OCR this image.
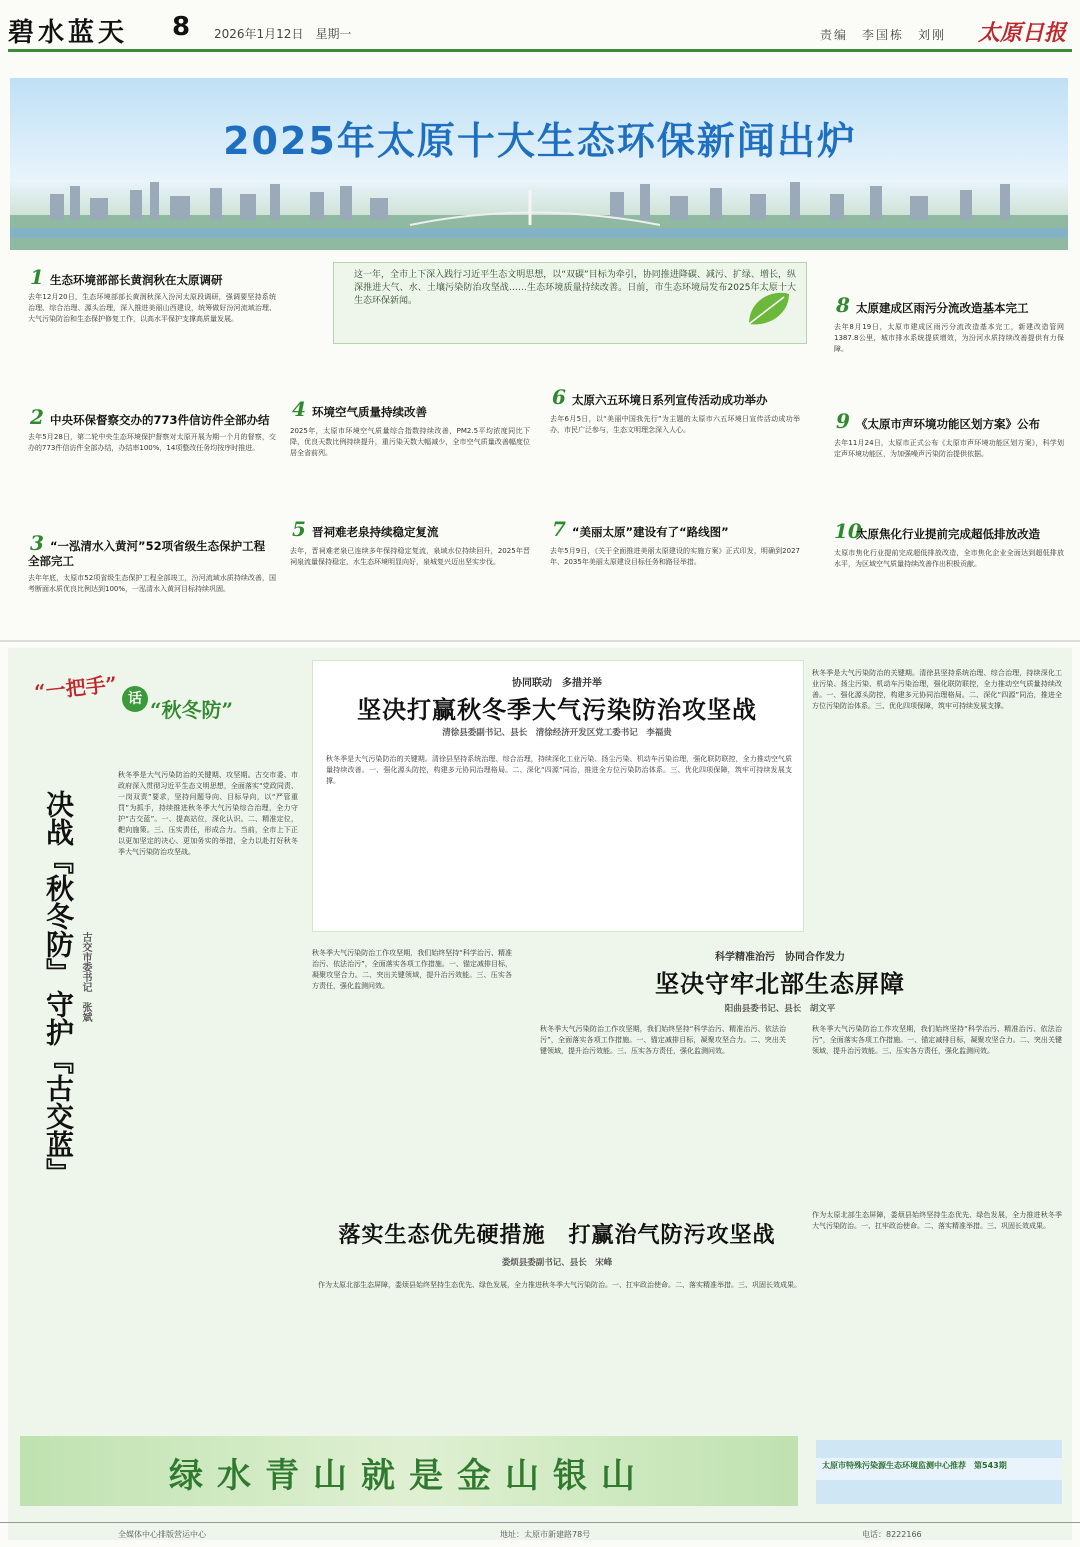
碧水蓝天 8 2026年1月12日　星期一	责编　李国栋　刘刚 太原日报
2025年太原十大生态环保新闻出炉
这一年，全市上下深入践行习近平生态文明思想，以“双碳”目标为牵引，协同推进降碳、减污、扩绿、增长，纵深推进大气、水、土壤污染防治攻坚战……生态环境质量持续改善。日前，市生态环境局发布2025年太原十大生态环保新闻。
1 生态环境部部长黄润秋在太原调研
去年12月20日，生态环境部部长黄润秋深入汾河太原段调研，强调要坚持系统治理、综合治理、源头治理，深入推进美丽山西建设，统筹做好汾河流域治理、大气污染防治和生态保护修复工作，以高水平保护支撑高质量发展。
2 中央环保督察交办的773件信访件全部办结
去年5月28日，第二轮中央生态环境保护督察对太原开展为期一个月的督察，交办的773件信访件全部办结，办结率100%，14项整改任务均按序时推进。
3 “一泓清水入黄河”52项省级生态保护工程全部完工
去年年底，太原市52项省级生态保护工程全部竣工，汾河流域水质持续改善，国考断面水质优良比例达到100%，一泓清水入黄河目标持续巩固。
4 环境空气质量持续改善
2025年，太原市环境空气质量综合指数持续改善，PM2.5平均浓度同比下降，优良天数比例持续提升，重污染天数大幅减少，全市空气质量改善幅度位居全省前列。
5 晋祠难老泉持续稳定复流
去年，晋祠难老泉已连续多年保持稳定复流，泉域水位持续回升，2025年晋祠泉流量保持稳定，水生态环境明显向好，泉城复兴迈出坚实步伐。
6 太原六五环境日系列宣传活动成功举办
去年6月5日，以“美丽中国我先行”为主题的太原市六五环境日宣传活动成功举办，市民广泛参与，生态文明理念深入人心。
7 “美丽太原”建设有了“路线图”
去年5月9日，《关于全面推进美丽太原建设的实施方案》正式印发，明确到2027年、2035年美丽太原建设目标任务和路径举措。
8 太原建成区雨污分流改造基本完工
去年8月19日，太原市建成区雨污分流改造基本完工，新建改造管网1387.8公里，城市排水系统提质增效，为汾河水质持续改善提供有力保障。
9 《太原市声环境功能区划方案》公布
去年11月24日，太原市正式公布《太原市声环境功能区划方案》，科学划定声环境功能区，为加强噪声污染防治提供依据。
10太原焦化行业提前完成超低排放改造
太原市焦化行业提前完成超低排放改造，全市焦化企业全面达到超低排放水平，为区域空气质量持续改善作出积极贡献。
“一把手” 话 “秋冬防”
决战『秋冬防』
守护『古交蓝』
古交市委书记　张斌
秋冬季是大气污染防治的关键期、攻坚期。古交市委、市政府深入贯彻习近平生态文明思想，全面落实“党政同责、一岗双责”要求，坚持问题导向、目标导向，以“严管重罚”为抓手，持续推进秋冬季大气污染综合治理，全力守护“古交蓝”。一、提高站位，深化认识。二、精准定位，靶向施策。三、压实责任，形成合力。当前，全市上下正以更加坚定的决心、更加务实的举措，全力以赴打好秋冬季大气污染防治攻坚战。
协同联动　多措并举
坚决打赢秋冬季大气污染防治攻坚战
清徐县委副书记、县长　清徐经济开发区党工委书记　李福贵
秋冬季是大气污染防治的关键期。清徐县坚持系统治理、综合治理，持续深化工业污染、扬尘污染、机动车污染治理，强化联防联控，全力推动空气质量持续改善。一、强化源头防控，构建多元协同治理格局。二、深化“四源”同治，推进全方位污染防治体系。三、优化四项保障，筑牢可持续发展支撑。
秋冬季是大气污染防治的关键期。清徐县坚持系统治理、综合治理，持续深化工业污染、扬尘污染、机动车污染治理，强化联防联控，全力推动空气质量持续改善。一、强化源头防控，构建多元协同治理格局。二、深化“四源”同治，推进全方位污染防治体系。三、优化四项保障，筑牢可持续发展支撑。
科学精准治污　协同合作发力
坚决守牢北部生态屏障
阳曲县委书记、县长　胡文平
秋冬季大气污染防治工作攻坚期，我们始终坚持“科学治污、精准治污、依法治污”，全面落实各项工作措施。一、锚定减排目标，凝聚攻坚合力。二、突出关键领域，提升治污效能。三、压实各方责任，强化监测问效。
秋冬季大气污染防治工作攻坚期，我们始终坚持“科学治污、精准治污、依法治污”，全面落实各项工作措施。一、锚定减排目标，凝聚攻坚合力。二、突出关键领域，提升治污效能。三、压实各方责任，强化监测问效。
秋冬季大气污染防治工作攻坚期，我们始终坚持“科学治污、精准治污、依法治污”，全面落实各项工作措施。一、锚定减排目标，凝聚攻坚合力。二、突出关键领域，提升治污效能。三、压实各方责任，强化监测问效。
落实生态优先硬措施　打赢治气防污攻坚战
娄烦县委副书记、县长　宋峰
作为太原北部生态屏障，娄烦县始终坚持生态优先、绿色发展，全力推进秋冬季大气污染防治。一、扛牢政治使命。二、落实精准举措。三、巩固长效成果。
作为太原北部生态屏障，娄烦县始终坚持生态优先、绿色发展，全力推进秋冬季大气污染防治。一、扛牢政治使命。二、落实精准举措。三、巩固长效成果。
绿水青山就是金山银山	太原市特殊污染源生态环境监测中心推荐　第543期
全媒体中心排版营运中心	地址：太原市新建路78号	电话：8222166
